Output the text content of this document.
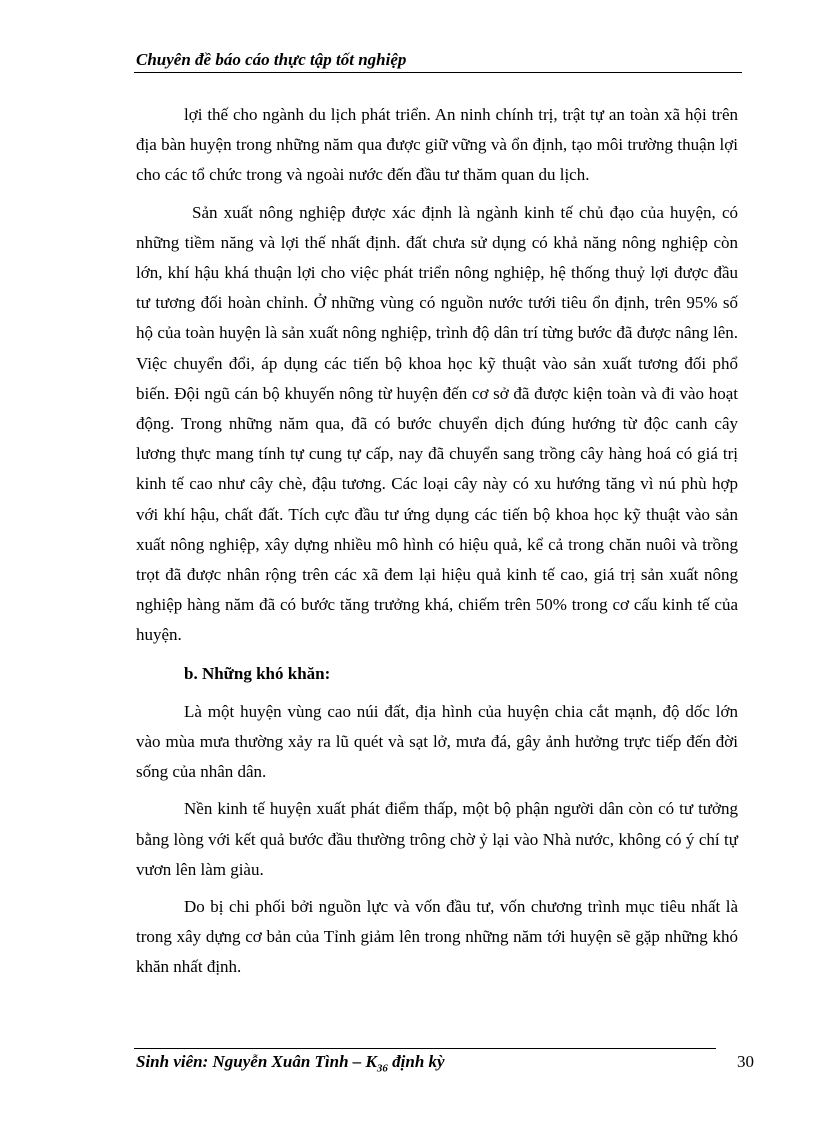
Chuyên đề báo cáo thực tập tốt nghiệp

lợi thế cho ngành du lịch phát triển. An ninh chính trị, trật tự an toàn xã hội trên địa bàn huyện trong những năm qua được giữ vững và ổn định, tạo môi trường thuận lợi cho các tổ chức trong và ngoài nước đến đầu tư thăm quan du lịch.

Sản xuất nông nghiệp được xác định là ngành kinh tế chủ đạo của huyện, có những tiềm năng và lợi thế nhất định. đất chưa sử dụng có khả năng nông nghiệp còn lớn, khí hậu khá thuận lợi cho việc phát triển nông nghiệp, hệ thống thuỷ lợi được đầu tư tương đối hoàn chỉnh. Ở những vùng có nguồn nước tưới tiêu ổn định, trên 95% số hộ của toàn huyện là sản xuất nông nghiệp, trình độ dân trí từng bước đã được nâng lên. Việc chuyển đổi, áp dụng các tiến bộ khoa học kỹ thuật vào sản xuất tương đối phổ biến. Đội ngũ cán bộ khuyến nông từ huyện đến cơ sở đã được kiện toàn và đi vào hoạt động. Trong những năm qua, đã có bước chuyển dịch đúng hướng từ độc canh cây lương thực mang tính tự cung tự cấp, nay đã chuyển sang trồng cây hàng hoá có giá trị kinh tế cao như cây chè, đậu tương. Các loại cây này có xu hướng tăng vì nú phù hợp với khí hậu, chất đất. Tích cực đầu tư ứng dụng các tiến bộ khoa học kỹ thuật vào sản xuất nông nghiệp, xây dựng nhiều mô hình có hiệu quả, kể cả trong chăn nuôi và trồng trọt đã được nhân rộng trên các xã đem lại hiệu quả kinh tế cao, giá trị sản xuất nông nghiệp hàng năm đã có bước tăng trưởng khá, chiếm trên 50% trong cơ cấu kinh tế của huyện.

b. Những khó khăn:

Là một huyện vùng cao núi đất, địa hình của huyện chia cắt mạnh, độ dốc lớn vào mùa mưa thường xảy ra lũ quét và sạt lở, mưa đá, gây ảnh hưởng trực tiếp đến đời sống của nhân dân.

Nền kinh tế huyện xuất phát điểm thấp, một bộ phận người dân còn có tư tưởng bằng lòng với kết quả bước đầu thường trông chờ ỷ lại vào Nhà nước, không có ý chí tự vươn lên làm giàu.

Do bị chi phối bởi nguồn lực và vốn đầu tư, vốn chương trình mục tiêu nhất là trong xây dựng cơ bản của Tỉnh giảm lên trong những năm tới huyện sẽ gặp những khó khăn nhất định.

Sinh viên: Nguyễn Xuân Tình – $K_{36}$ định kỳ	30
